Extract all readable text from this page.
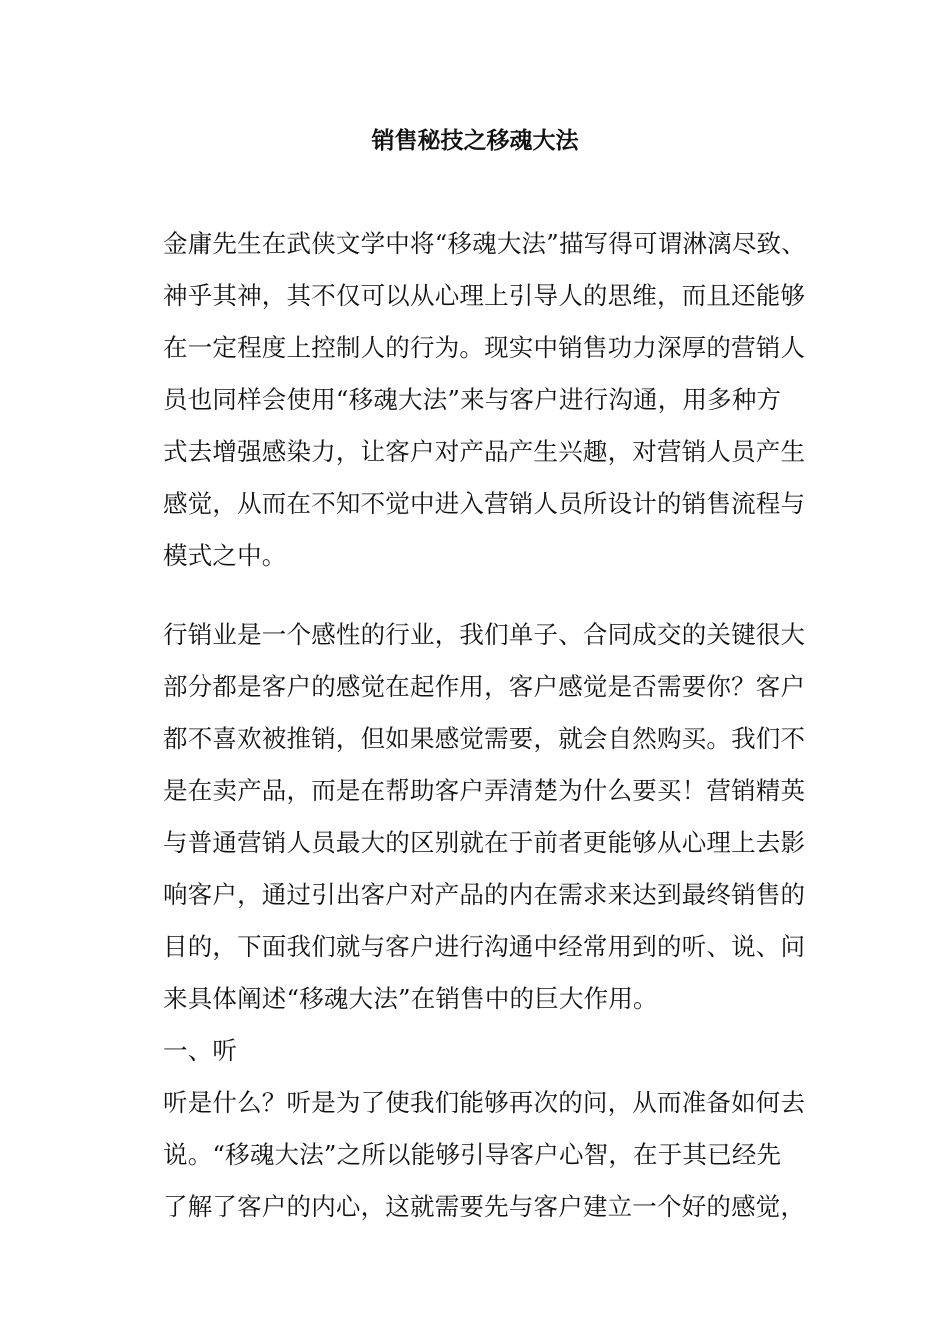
销售秘技之移魂大法
金庸先生在武侠文学中将“移魂大法”描写得可谓淋漓尽致、
神乎其神，其不仅可以从心理上引导人的思维，而且还能够
在一定程度上控制人的行为。现实中销售功力深厚的营销人
员也同样会使用“移魂大法”来与客户进行沟通，用多种方
式去增强感染力，让客户对产品产生兴趣，对营销人员产生
感觉，从而在不知不觉中进入营销人员所设计的销售流程与
模式之中。
行销业是一个感性的行业，我们单子、合同成交的关键很大
部分都是客户的感觉在起作用，客户感觉是否需要你？客户
都不喜欢被推销，但如果感觉需要，就会自然购买。我们不
是在卖产品，而是在帮助客户弄清楚为什么要买！营销精英
与普通营销人员最大的区别就在于前者更能够从心理上去影
响客户，通过引出客户对产品的内在需求来达到最终销售的
目的，下面我们就与客户进行沟通中经常用到的听、说、问
来具体阐述“移魂大法”在销售中的巨大作用。
一、听
听是什么？听是为了使我们能够再次的问，从而准备如何去
说。“移魂大法”之所以能够引导客户心智，在于其已经先
了解了客户的内心，这就需要先与客户建立一个好的感觉，
